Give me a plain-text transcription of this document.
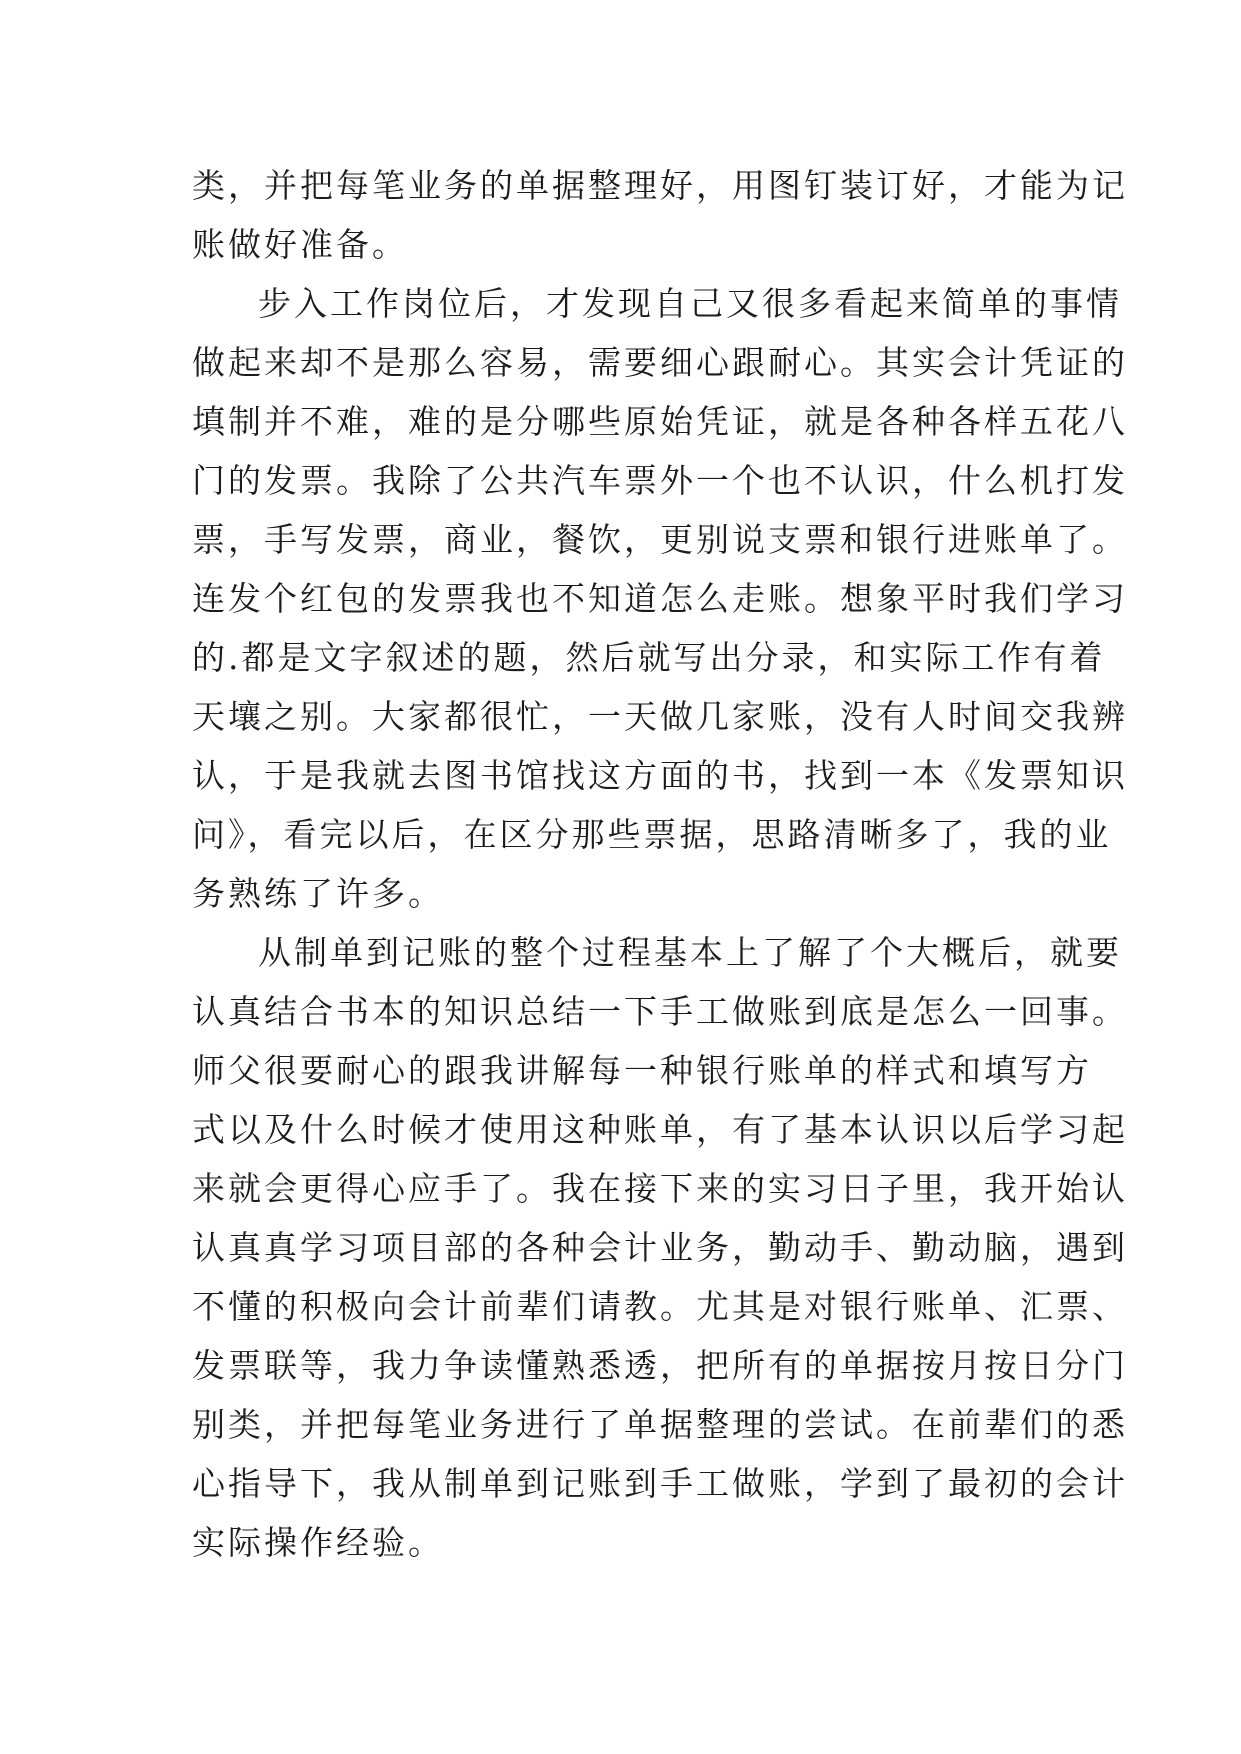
类，并把每笔业务的单据整理好，用图钉装订好，才能为记
账做好准备。
步入工作岗位后，才发现自己又很多看起来简单的事情
做起来却不是那么容易，需要细心跟耐心。其实会计凭证的
填制并不难，难的是分哪些原始凭证，就是各种各样五花八
门的发票。我除了公共汽车票外一个也不认识，什么机打发
票，手写发票，商业，餐饮，更别说支票和银行进账单了。
连发个红包的发票我也不知道怎么走账。想象平时我们学习
的.都是文字叙述的题，然后就写出分录，和实际工作有着
天壤之别。大家都很忙，一天做几家账，没有人时间交我辨
认，于是我就去图书馆找这方面的书，找到一本《发票知识
问》，看完以后，在区分那些票据，思路清晰多了，我的业
务熟练了许多。
从制单到记账的整个过程基本上了解了个大概后，就要
认真结合书本的知识总结一下手工做账到底是怎么一回事。
师父很要耐心的跟我讲解每一种银行账单的样式和填写方
式以及什么时候才使用这种账单，有了基本认识以后学习起
来就会更得心应手了。我在接下来的实习日子里，我开始认
认真真学习项目部的各种会计业务，勤动手、勤动脑，遇到
不懂的积极向会计前辈们请教。尤其是对银行账单、汇票、
发票联等，我力争读懂熟悉透，把所有的单据按月按日分门
别类，并把每笔业务进行了单据整理的尝试。在前辈们的悉
心指导下，我从制单到记账到手工做账，学到了最初的会计
实际操作经验。
